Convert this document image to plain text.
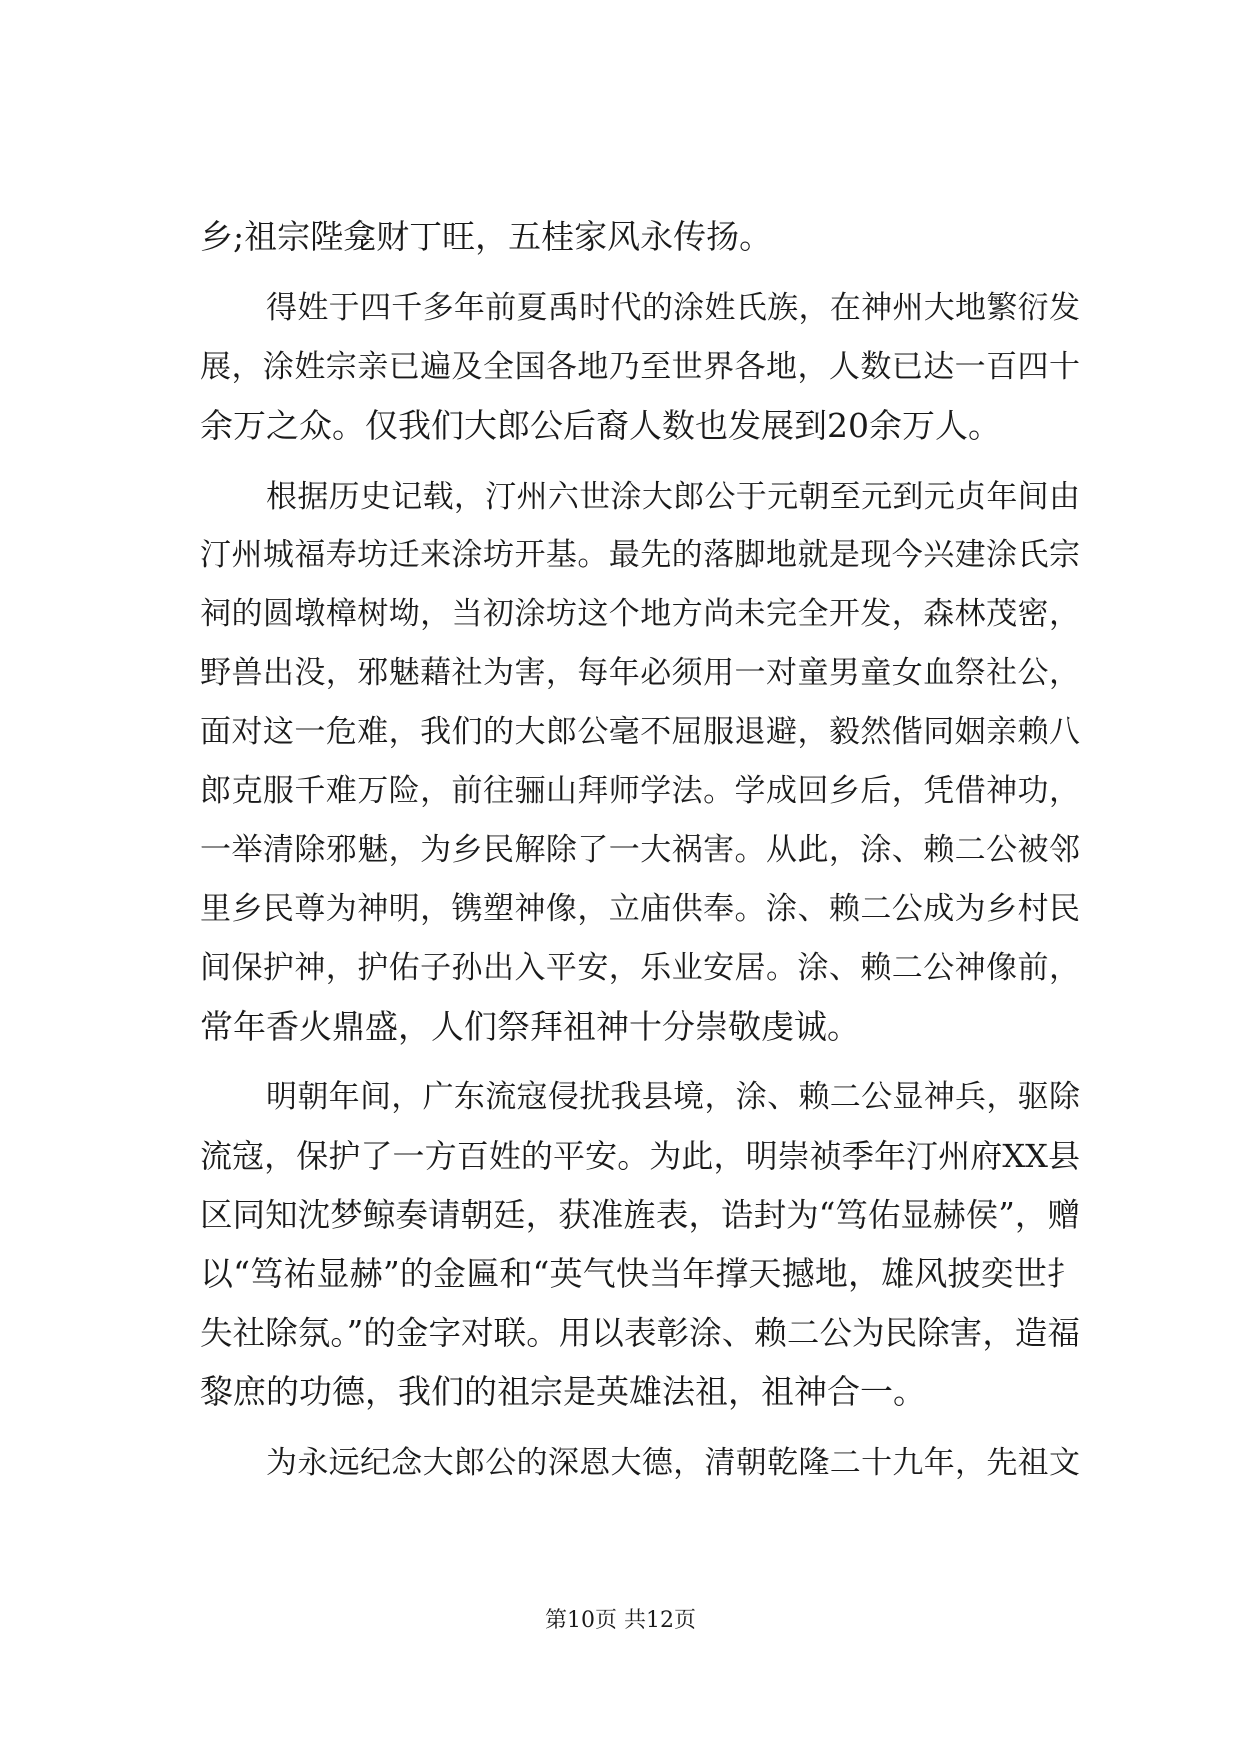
乡;祖宗陛龛财丁旺，五桂家风永传扬。
得姓于四千多年前夏禹时代的涂姓氏族，在神州大地繁衍发
展，涂姓宗亲已遍及全国各地乃至世界各地，人数已达一百四十
余万之众。仅我们大郎公后裔人数也发展到20余万人。
根据历史记载，汀州六世涂大郎公于元朝至元到元贞年间由
汀州城福寿坊迁来涂坊开基。最先的落脚地就是现今兴建涂氏宗
祠的圆墩樟树坳，当初涂坊这个地方尚未完全开发，森林茂密，
野兽出没，邪魅藉社为害，每年必须用一对童男童女血祭社公，
面对这一危难，我们的大郎公毫不屈服退避，毅然偕同姻亲赖八
郎克服千难万险，前往骊山拜师学法。学成回乡后，凭借神功，
一举清除邪魅，为乡民解除了一大祸害。从此，涂、赖二公被邻
里乡民尊为神明，镌塑神像，立庙供奉。涂、赖二公成为乡村民
间保护神，护佑子孙出入平安，乐业安居。涂、赖二公神像前，
常年香火鼎盛，人们祭拜祖神十分崇敬虔诚。
明朝年间，广东流寇侵扰我县境，涂、赖二公显神兵，驱除
流寇，保护了一方百姓的平安。为此，明崇祯季年汀州府XX县
区同知沈梦鲸奏请朝廷，获准旌表，诰封为“笃佑显赫侯”，赠
以“笃祐显赫”的金匾和“英气快当年撑天撼地，雄风披奕世扌
失社除氛。”的金字对联。用以表彰涂、赖二公为民除害，造福
黎庶的功德，我们的祖宗是英雄法祖，祖神合一。
为永远纪念大郎公的深恩大德，清朝乾隆二十九年，先祖文
第10页 共12页
